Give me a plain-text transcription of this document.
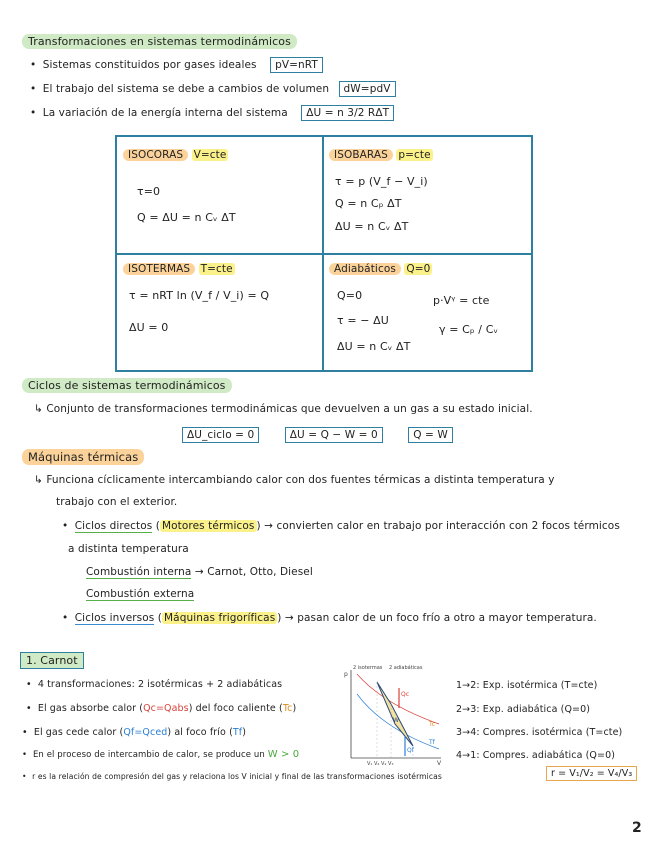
Transformaciones en sistemas termodinámicos
• Sistemas constituidos por gases ideales pV=nRT
• El trabajo del sistema se debe a cambios de volumen dW=pdV
• La variación de la energía interna del sistema ΔU = n 3/2 RΔT
ISOCORAS V=cte
τ=0
Q = ΔU = n Cᵥ ΔT
ISOBARAS p=cte
τ = p (V_f − V_i)
Q = n Cₚ ΔT
ΔU = n Cᵥ ΔT
ISOTERMAS T=cte
τ = nRT ln (V_f / V_i) = Q
ΔU = 0
Adiabáticos Q=0
Q=0
τ = − ΔU
ΔU = n Cᵥ ΔT
p·Vᵞ = cte
γ = Cₚ / Cᵥ
Ciclos de sistemas termodinámicos
↳ Conjunto de transformaciones termodinámicas que devuelven a un gas a su estado inicial.
ΔU_ciclo = 0	ΔU = Q − W = 0	Q = W
Máquinas térmicas
↳ Funciona cíclicamente intercambiando calor con dos fuentes térmicas a distinta temperatura y
trabajo con el exterior.
• Ciclos directos ( Motores térmicos ) → convierten calor en trabajo por interacción con 2 focos térmicos
a distinta temperatura
Combustión interna → Carnot, Otto, Diesel
Combustión externa
• Ciclos inversos ( Máquinas frigoríficas ) → pasan calor de un foco frío a otro a mayor temperatura.
1. Carnot
• 4 transformaciones: 2 isotérmicas + 2 adiabáticas
• El gas absorbe calor (Qc=Qabs) del foco caliente (Tc)
• El gas cede calor (Qf=Qced) al foco frío (Tf)
• En el proceso de intercambio de calor, se produce un W > 0
• r es la relación de compresión del gas y relaciona los V inicial y final de las transformaciones isotérmicas	r = V₁/V₂ = V₄/V₃
2 isotermas 2 adiabáticas
p
V
Qc
Qf
W
Tc
Tf
V₁ V₄ V₂ V₃
1→2: Exp. isotérmica (T=cte)
2→3: Exp. adiabática (Q=0)
3→4: Compres. isotérmica (T=cte)
4→1: Compres. adiabática (Q=0)
2
